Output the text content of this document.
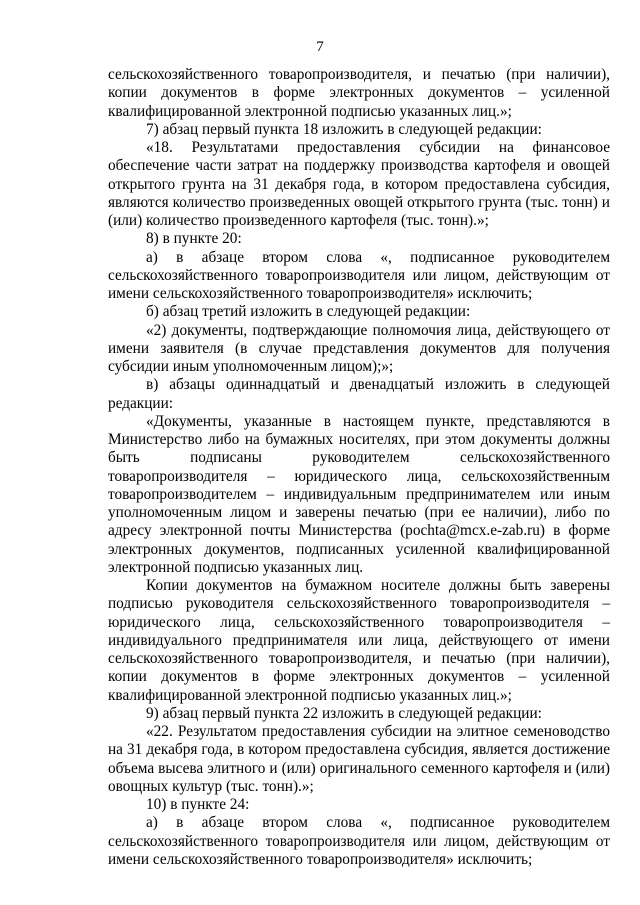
7

сельскохозяйственного товаропроизводителя, и печатью (при наличии), копии документов в форме электронных документов – усиленной квалифицированной электронной подписью указанных лиц.»;

7) абзац первый пункта 18 изложить в следующей редакции:

«18. Результатами предоставления субсидии на финансовое обеспечение части затрат на поддержку производства картофеля и овощей открытого грунта на 31 декабря года, в котором предоставлена субсидия, являются количество произведенных овощей открытого грунта (тыс. тонн) и (или) количество произведенного картофеля (тыс. тонн).»;

8) в пункте 20:

а) в абзаце втором слова «, подписанное руководителем сельскохозяйственного товаропроизводителя или лицом, действующим от имени сельскохозяйственного товаропроизводителя» исключить;

б) абзац третий изложить в следующей редакции:

«2) документы, подтверждающие полномочия лица, действующего от имени заявителя (в случае представления документов для получения субсидии иным уполномоченным лицом);»;

в) абзацы одиннадцатый и двенадцатый изложить в следующей редакции:

«Документы, указанные в настоящем пункте, представляются в Министерство либо на бумажных носителях, при этом документы должны быть подписаны руководителем сельскохозяйственного товаропроизводителя – юридического лица, сельскохозяйственным товаропроизводителем – индивидуальным предпринимателем или иным уполномоченным лицом и заверены печатью (при ее наличии), либо по адресу электронной почты Министерства (pochta@mcx.e-zab.ru) в форме электронных документов, подписанных усиленной квалифицированной электронной подписью указанных лиц.

Копии документов на бумажном носителе должны быть заверены подписью руководителя сельскохозяйственного товаропроизводителя – юридического лица, сельскохозяйственного товаропроизводителя – индивидуального предпринимателя или лица, действующего от имени сельскохозяйственного товаропроизводителя, и печатью (при наличии), копии документов в форме электронных документов – усиленной квалифицированной электронной подписью указанных лиц.»;

9) абзац первый пункта 22 изложить в следующей редакции:

«22. Результатом предоставления субсидии на элитное семеноводство на 31 декабря года, в котором предоставлена субсидия, является достижение объема высева элитного и (или) оригинального семенного картофеля и (или) овощных культур (тыс. тонн).»;

10) в пункте 24:

а) в абзаце втором слова «, подписанное руководителем сельскохозяйственного товаропроизводителя или лицом, действующим от имени сельскохозяйственного товаропроизводителя» исключить;
